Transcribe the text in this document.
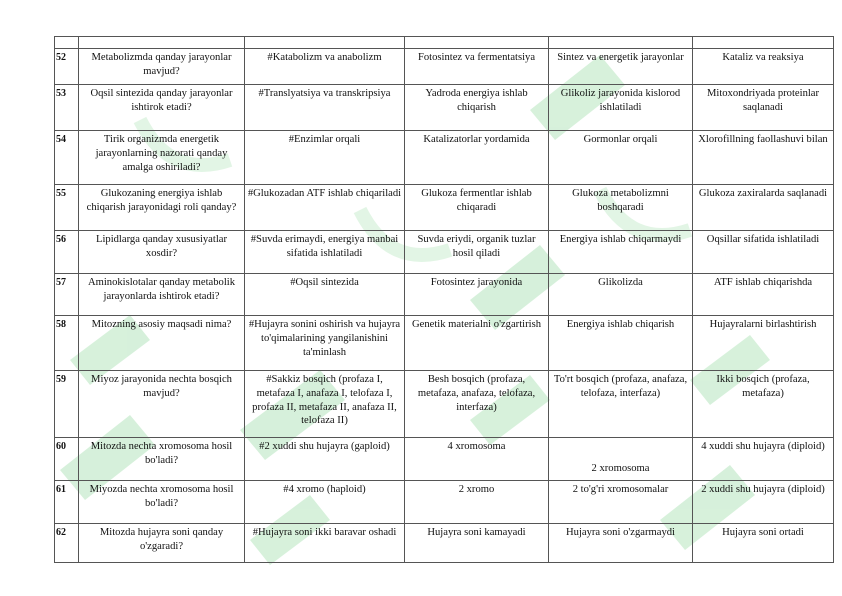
52	Metabolizmda qanday jarayonlar mavjud?	#Katabolizm va anabolizm	Fotosintez va fermentatsiya	Sintez va energetik jarayonlar	Kataliz va reaksiya
53	Oqsil sintezida qanday jarayonlar ishtirok etadi?	#Translyatsiya va transkripsiya	Yadroda energiya ishlab chiqarish	Glikoliz jarayonida kislorod ishlatiladi	Mitoxondriyada proteinlar saqlanadi
54	Tirik organizmda energetik jarayonlarning nazorati qanday amalga oshiriladi?	#Enzimlar orqali	Katalizatorlar yordamida	Gormonlar orqali	Xlorofillning faollashuvi bilan
55	Glukozaning energiya ishlab chiqarish jarayonidagi roli qanday?	#Glukozadan ATF ishlab chiqariladi	Glukoza fermentlar ishlab chiqaradi	Glukoza metabolizmni boshqaradi	Glukoza zaxiralarda saqlanadi
56	Lipidlarga qanday xususiyatlar xosdir?	#Suvda erimaydi, energiya manbai sifatida ishlatiladi	Suvda eriydi, organik tuzlar hosil qiladi	Energiya ishlab chiqarmaydi	Oqsillar sifatida ishlatiladi
57	Aminokislotalar qanday metabolik jarayonlarda ishtirok etadi?	#Oqsil sintezida	Fotosintez jarayonida	Glikolizda	ATF ishlab chiqarishda
58	Mitozning asosiy maqsadi nima?	#Hujayra sonini oshirish va hujayra to'qimalarining yangilanishini ta'minlash	Genetik materialni o'zgartirish	Energiya ishlab chiqarish	Hujayralarni birlashtirish
59	Miyoz jarayonida nechta bosqich mavjud?	#Sakkiz bosqich (profaza I, metafaza I, anafaza I, telofaza I, profaza II, metafaza II, anafaza II, telofaza II)	Besh bosqich (profaza, metafaza, anafaza, telofaza, interfaza)	To'rt bosqich (profaza, anafaza, telofaza, interfaza)	Ikki bosqich (profaza, metafaza)
60	Mitozda nechta xromosoma hosil bo'ladi?	#2 xuddi shu hujayra (gaploid)	4 xromosoma	2 xromosoma	4 xuddi shu hujayra (diploid)
61	Miyozda nechta xromosoma hosil bo'ladi?	#4 xromo (haploid)	2 xromo	2 to'g'ri xromosomalar	2 xuddi shu hujayra (diploid)
62	Mitozda hujayra soni qanday o'zgaradi?	#Hujayra soni ikki baravar oshadi	Hujayra soni kamayadi	Hujayra soni o'zgarmaydi	Hujayra soni ortadi
